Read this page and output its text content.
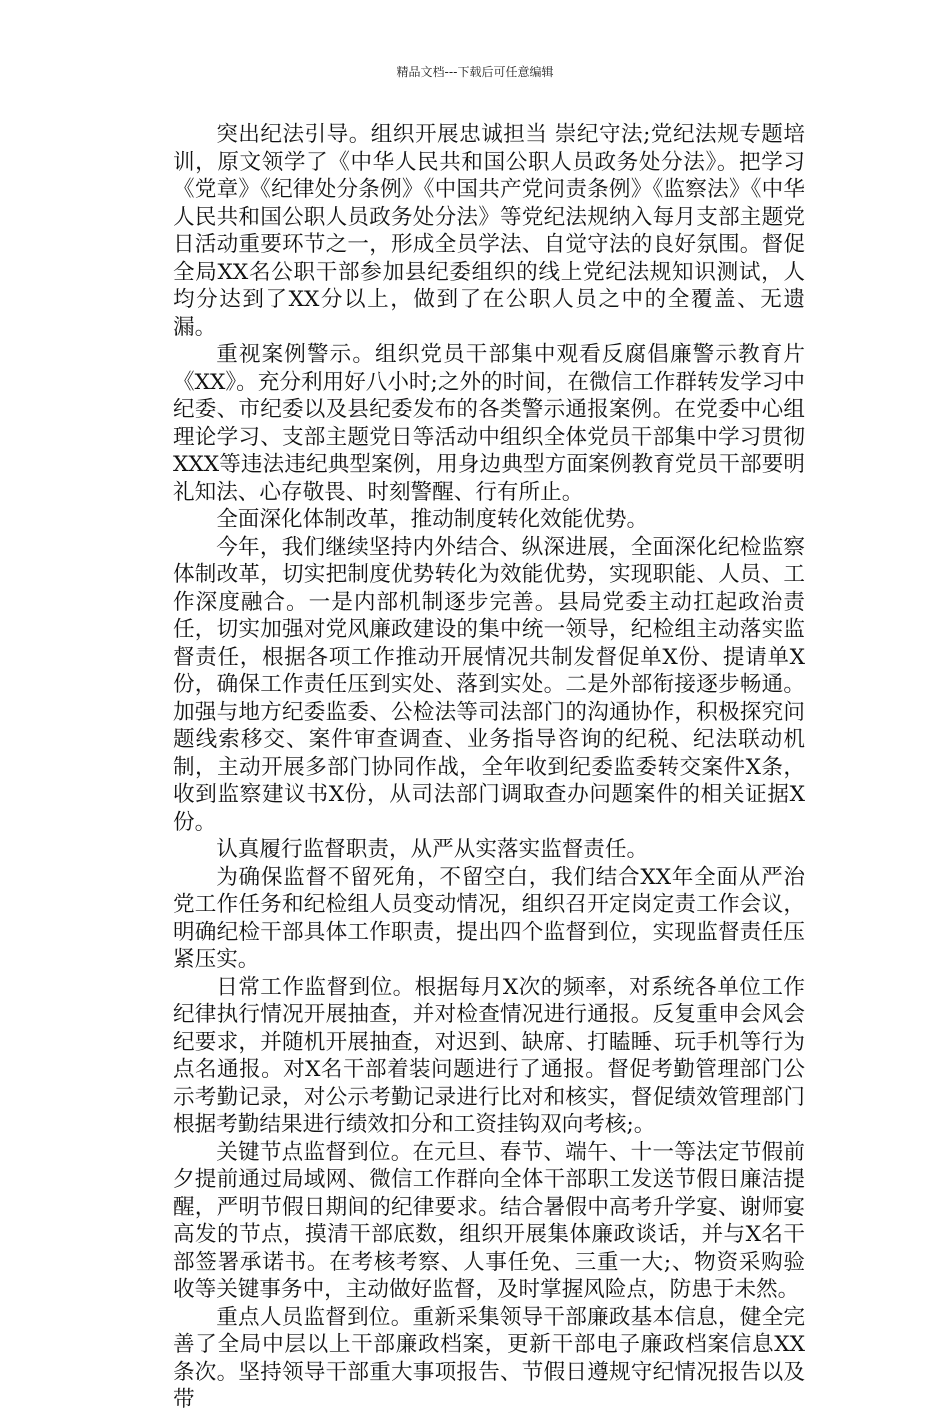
精品文档---下载后可任意编辑

突出纪法引导。组织开展忠诚担当 崇纪守法;党纪法规专题培训，原文领学了《中华人民共和国公职人员政务处分法》。把学习《党章》《纪律处分条例》《中国共产党问责条例》《监察法》《中华人民共和国公职人员政务处分法》等党纪法规纳入每月支部主题党日活动重要环节之一，形成全员学法、自觉守法的良好氛围。督促全局XX名公职干部参加县纪委组织的线上党纪法规知识测试，人均分达到了XX分以上，做到了在公职人员之中的全覆盖、无遗漏。

重视案例警示。组织党员干部集中观看反腐倡廉警示教育片《XX》。充分利用好八小时;之外的时间，在微信工作群转发学习中纪委、市纪委以及县纪委发布的各类警示通报案例。在党委中心组理论学习、支部主题党日等活动中组织全体党员干部集中学习贯彻XXX等违法违纪典型案例，用身边典型方面案例教育党员干部要明礼知法、心存敬畏、时刻警醒、行有所止。

全面深化体制改革，推动制度转化效能优势。

今年，我们继续坚持内外结合、纵深进展，全面深化纪检监察体制改革，切实把制度优势转化为效能优势，实现职能、人员、工作深度融合。一是内部机制逐步完善。县局党委主动扛起政治责任，切实加强对党风廉政建设的集中统一领导，纪检组主动落实监督责任，根据各项工作推动开展情况共制发督促单X份、提请单X份，确保工作责任压到实处、落到实处。二是外部衔接逐步畅通。加强与地方纪委监委、公检法等司法部门的沟通协作，积极探究问题线索移交、案件审查调查、业务指导咨询的纪税、纪法联动机制，主动开展多部门协同作战，全年收到纪委监委转交案件X条，收到监察建议书X份，从司法部门调取查办问题案件的相关证据X份。

认真履行监督职责，从严从实落实监督责任。

为确保监督不留死角，不留空白，我们结合XX年全面从严治党工作任务和纪检组人员变动情况，组织召开定岗定责工作会议，明确纪检干部具体工作职责，提出四个监督到位，实现监督责任压紧压实。

日常工作监督到位。根据每月X次的频率，对系统各单位工作纪律执行情况开展抽查，并对检查情况进行通报。反复重申会风会纪要求，并随机开展抽查，对迟到、缺席、打瞌睡、玩手机等行为点名通报。对X名干部着装问题进行了通报。督促考勤管理部门公示考勤记录，对公示考勤记录进行比对和核实，督促绩效管理部门根据考勤结果进行绩效扣分和工资挂钩双向考核;。

关键节点监督到位。在元旦、春节、端午、十一等法定节假前夕提前通过局域网、微信工作群向全体干部职工发送节假日廉洁提醒，严明节假日期间的纪律要求。结合暑假中高考升学宴、谢师宴高发的节点，摸清干部底数，组织开展集体廉政谈话，并与X名干部签署承诺书。在考核考察、人事任免、三重一大;、物资采购验收等关键事务中，主动做好监督，及时掌握风险点，防患于未然。

重点人员监督到位。重新采集领导干部廉政基本信息，健全完善了全局中层以上干部廉政档案，更新干部电子廉政档案信息XX条次。坚持领导干部重大事项报告、节假日遵规守纪情况报告以及带
